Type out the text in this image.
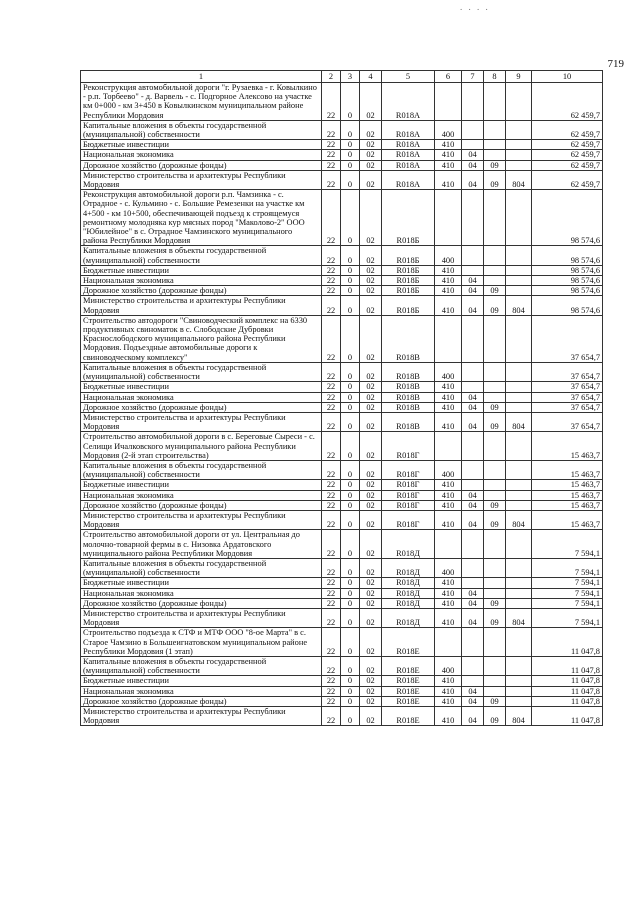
. . . .
719
1	2	3	4	5	6	7	8	9	10
Реконструкция автомобильной дороги "г. Рузаевка - г. Ковылкино - р.п. Торбеево" - д. Варвель - с. Подгорное Алексово на участке км 0+000 - км 3+450 в Ковылкинском муниципальном районе Республики Мордовия	22	0	02	R018А					62 459,7
Капитальные вложения в объекты государственной (муниципальной) собственности	22	0	02	R018А	400				62 459,7
Бюджетные инвестиции	22	0	02	R018А	410				62 459,7
Национальная экономика	22	0	02	R018А	410	04			62 459,7
Дорожное хозяйство (дорожные фонды)	22	0	02	R018А	410	04	09		62 459,7
Министерство строительства и архитектуры Республики Мордовия	22	0	02	R018А	410	04	09	804	62 459,7
Реконструкция автомобильной дороги р.п. Чамзинка - с. Отрадное - с. Кульмино - с. Большие Ремезенки на участке км 4+500 - км 10+500, обеспечивающей подъезд к строящемуся ремонтному молодняка кур мясных пород "Маколово-2" ООО "Юбилейное" в с. Отрадное Чамзинского муниципального района Республики Мордовия	22	0	02	R018Б					98 574,6
Капитальные вложения в объекты государственной (муниципальной) собственности	22	0	02	R018Б	400				98 574,6
Бюджетные инвестиции	22	0	02	R018Б	410				98 574,6
Национальная экономика	22	0	02	R018Б	410	04			98 574,6
Дорожное хозяйство (дорожные фонды)	22	0	02	R018Б	410	04	09		98 574,6
Министерство строительства и архитектуры Республики Мордовия	22	0	02	R018Б	410	04	09	804	98 574,6
Строительство автодороги "Свиноводческий комплекс на 6330 продуктивных свиноматок в с. Слободские Дубровки Краснослободского муниципального района Республики Мордовия. Подъездные автомобильные дороги к свиноводческому комплексу"	22	0	02	R018В					37 654,7
Капитальные вложения в объекты государственной (муниципальной) собственности	22	0	02	R018В	400				37 654,7
Бюджетные инвестиции	22	0	02	R018В	410				37 654,7
Национальная экономика	22	0	02	R018В	410	04			37 654,7
Дорожное хозяйство (дорожные фонды)	22	0	02	R018В	410	04	09		37 654,7
Министерство строительства и архитектуры Республики Мордовия	22	0	02	R018В	410	04	09	804	37 654,7
Строительство автомобильной дороги в с. Береговые Сыреси - с. Селищи Ичалковского муниципального района Республики Мордовия (2-й этап строительства)	22	0	02	R018Г					15 463,7
Капитальные вложения в объекты государственной (муниципальной) собственности	22	0	02	R018Г	400				15 463,7
Бюджетные инвестиции	22	0	02	R018Г	410				15 463,7
Национальная экономика	22	0	02	R018Г	410	04			15 463,7
Дорожное хозяйство (дорожные фонды)	22	0	02	R018Г	410	04	09		15 463,7
Министерство строительства и архитектуры Республики Мордовия	22	0	02	R018Г	410	04	09	804	15 463,7
Строительство автомобильной дороги от ул. Центральная до молочно-товарной фермы в с. Низовка Ардатовского муниципального района Республики Мордовия	22	0	02	R018Д					7 594,1
Капитальные вложения в объекты государственной (муниципальной) собственности	22	0	02	R018Д	400				7 594,1
Бюджетные инвестиции	22	0	02	R018Д	410				7 594,1
Национальная экономика	22	0	02	R018Д	410	04			7 594,1
Дорожное хозяйство (дорожные фонды)	22	0	02	R018Д	410	04	09		7 594,1
Министерство строительства и архитектуры Республики Мордовия	22	0	02	R018Д	410	04	09	804	7 594,1
Строительство подъезда к СТФ и МТФ ООО "8-ое Марта" в с. Старое Чамзино в Большеигнатовском муниципальном районе Республики Мордовия (1 этап)	22	0	02	R018Е					11 047,8
Капитальные вложения в объекты государственной (муниципальной) собственности	22	0	02	R018Е	400				11 047,8
Бюджетные инвестиции	22	0	02	R018Е	410				11 047,8
Национальная экономика	22	0	02	R018Е	410	04			11 047,8
Дорожное хозяйство (дорожные фонды)	22	0	02	R018Е	410	04	09		11 047,8
Министерство строительства и архитектуры Республики Мордовия	22	0	02	R018Е	410	04	09	804	11 047,8
